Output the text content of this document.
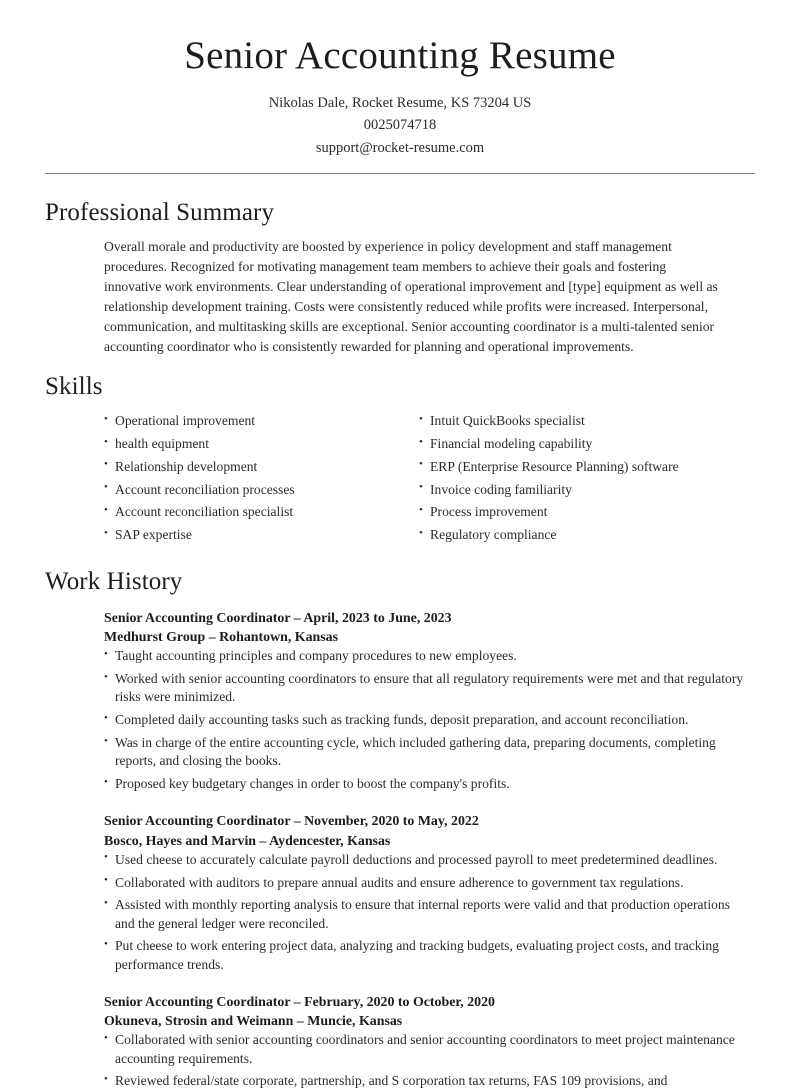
Senior Accounting Resume
Nikolas Dale, Rocket Resume, KS 73204 US
0025074718
support@rocket-resume.com
Professional Summary

Overall morale and productivity are boosted by experience in policy development and staff management procedures. Recognized for motivating management team members to achieve their goals and fostering innovative work environments. Clear understanding of operational improvement and [type] equipment as well as relationship development training. Costs were consistently reduced while profits were increased. Interpersonal, communication, and multitasking skills are exceptional. Senior accounting coordinator is a multi-talented senior accounting coordinator who is consistently rewarded for planning and operational improvements.

Skills
• Operational improvement
• health equipment
• Relationship development
• Account reconciliation processes
• Account reconciliation specialist
• SAP expertise
• Intuit QuickBooks specialist
• Financial modeling capability
• ERP (Enterprise Resource Planning) software
• Invoice coding familiarity
• Process improvement
• Regulatory compliance
Work History
Senior Accounting Coordinator – April, 2023 to June, 2023
Medhurst Group – Rohantown, Kansas
• Taught accounting principles and company procedures to new employees.
• Worked with senior accounting coordinators to ensure that all regulatory requirements were met and that regulatory risks were minimized.
• Completed daily accounting tasks such as tracking funds, deposit preparation, and account reconciliation.
• Was in charge of the entire accounting cycle, which included gathering data, preparing documents, completing reports, and closing the books.
• Proposed key budgetary changes in order to boost the company's profits.
Senior Accounting Coordinator – November, 2020 to May, 2022
Bosco, Hayes and Marvin – Aydencester, Kansas
• Used cheese to accurately calculate payroll deductions and processed payroll to meet predetermined deadlines.
• Collaborated with auditors to prepare annual audits and ensure adherence to government tax regulations.
• Assisted with monthly reporting analysis to ensure that internal reports were valid and that production operations and the general ledger were reconciled.
• Put cheese to work entering project data, analyzing and tracking budgets, evaluating project costs, and tracking performance trends.
Senior Accounting Coordinator – February, 2020 to October, 2020
Okuneva, Strosin and Weimann – Muncie, Kansas
• Collaborated with senior accounting coordinators and senior accounting coordinators to meet project maintenance accounting requirements.
• Reviewed federal/state corporate, partnership, and S corporation tax returns, FAS 109 provisions, and
